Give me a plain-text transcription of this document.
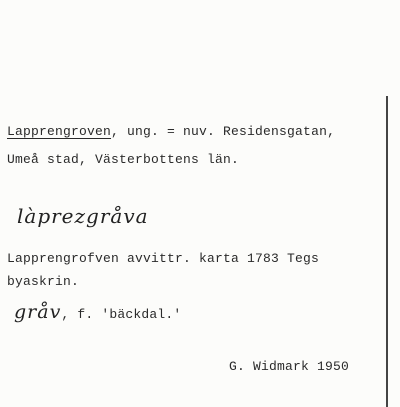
Lapprengroven, ung. = nuv. Residensgatan,
Umeå stad, Västerbottens län.
làprezgråva
Lapprengrofven avvittr. karta 1783 Tegs
byaskrin.
gråv, f. 'bäckdal.'
G. Widmark 1950
